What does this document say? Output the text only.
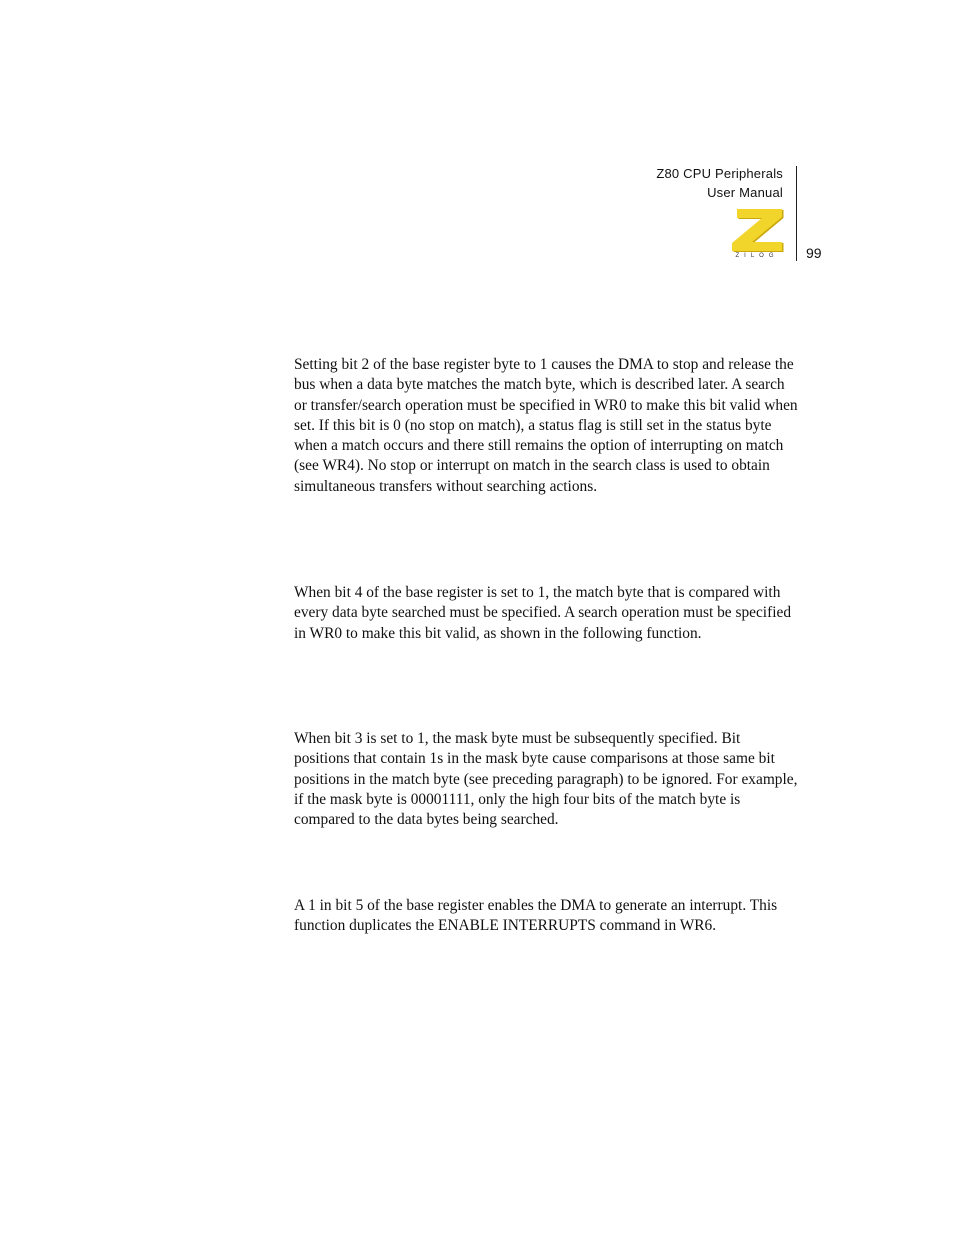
Z80 CPU Peripherals
User Manual
ZILOG	99

Setting bit 2 of the base register byte to 1 causes the DMA to stop and release the bus when a data byte matches the match byte, which is described later. A search or transfer/search operation must be specified in WR0 to make this bit valid when set. If this bit is 0 (no stop on match), a status flag is still set in the status byte when a match occurs and there still remains the option of interrupting on match (see WR4). No stop or interrupt on match in the search class is used to obtain simultaneous transfers without searching actions.

When bit 4 of the base register is set to 1, the match byte that is compared with every data byte searched must be specified. A search operation must be specified in WR0 to make this bit valid, as shown in the following function.

When bit 3 is set to 1, the mask byte must be subsequently specified. Bit positions that contain 1s in the mask byte cause comparisons at those same bit positions in the match byte (see preceding paragraph) to be ignored. For example, if the mask byte is 00001111, only the high four bits of the match byte is compared to the data bytes being searched.

A 1 in bit 5 of the base register enables the DMA to generate an interrupt. This function duplicates the ENABLE INTERRUPTS command in WR6.
